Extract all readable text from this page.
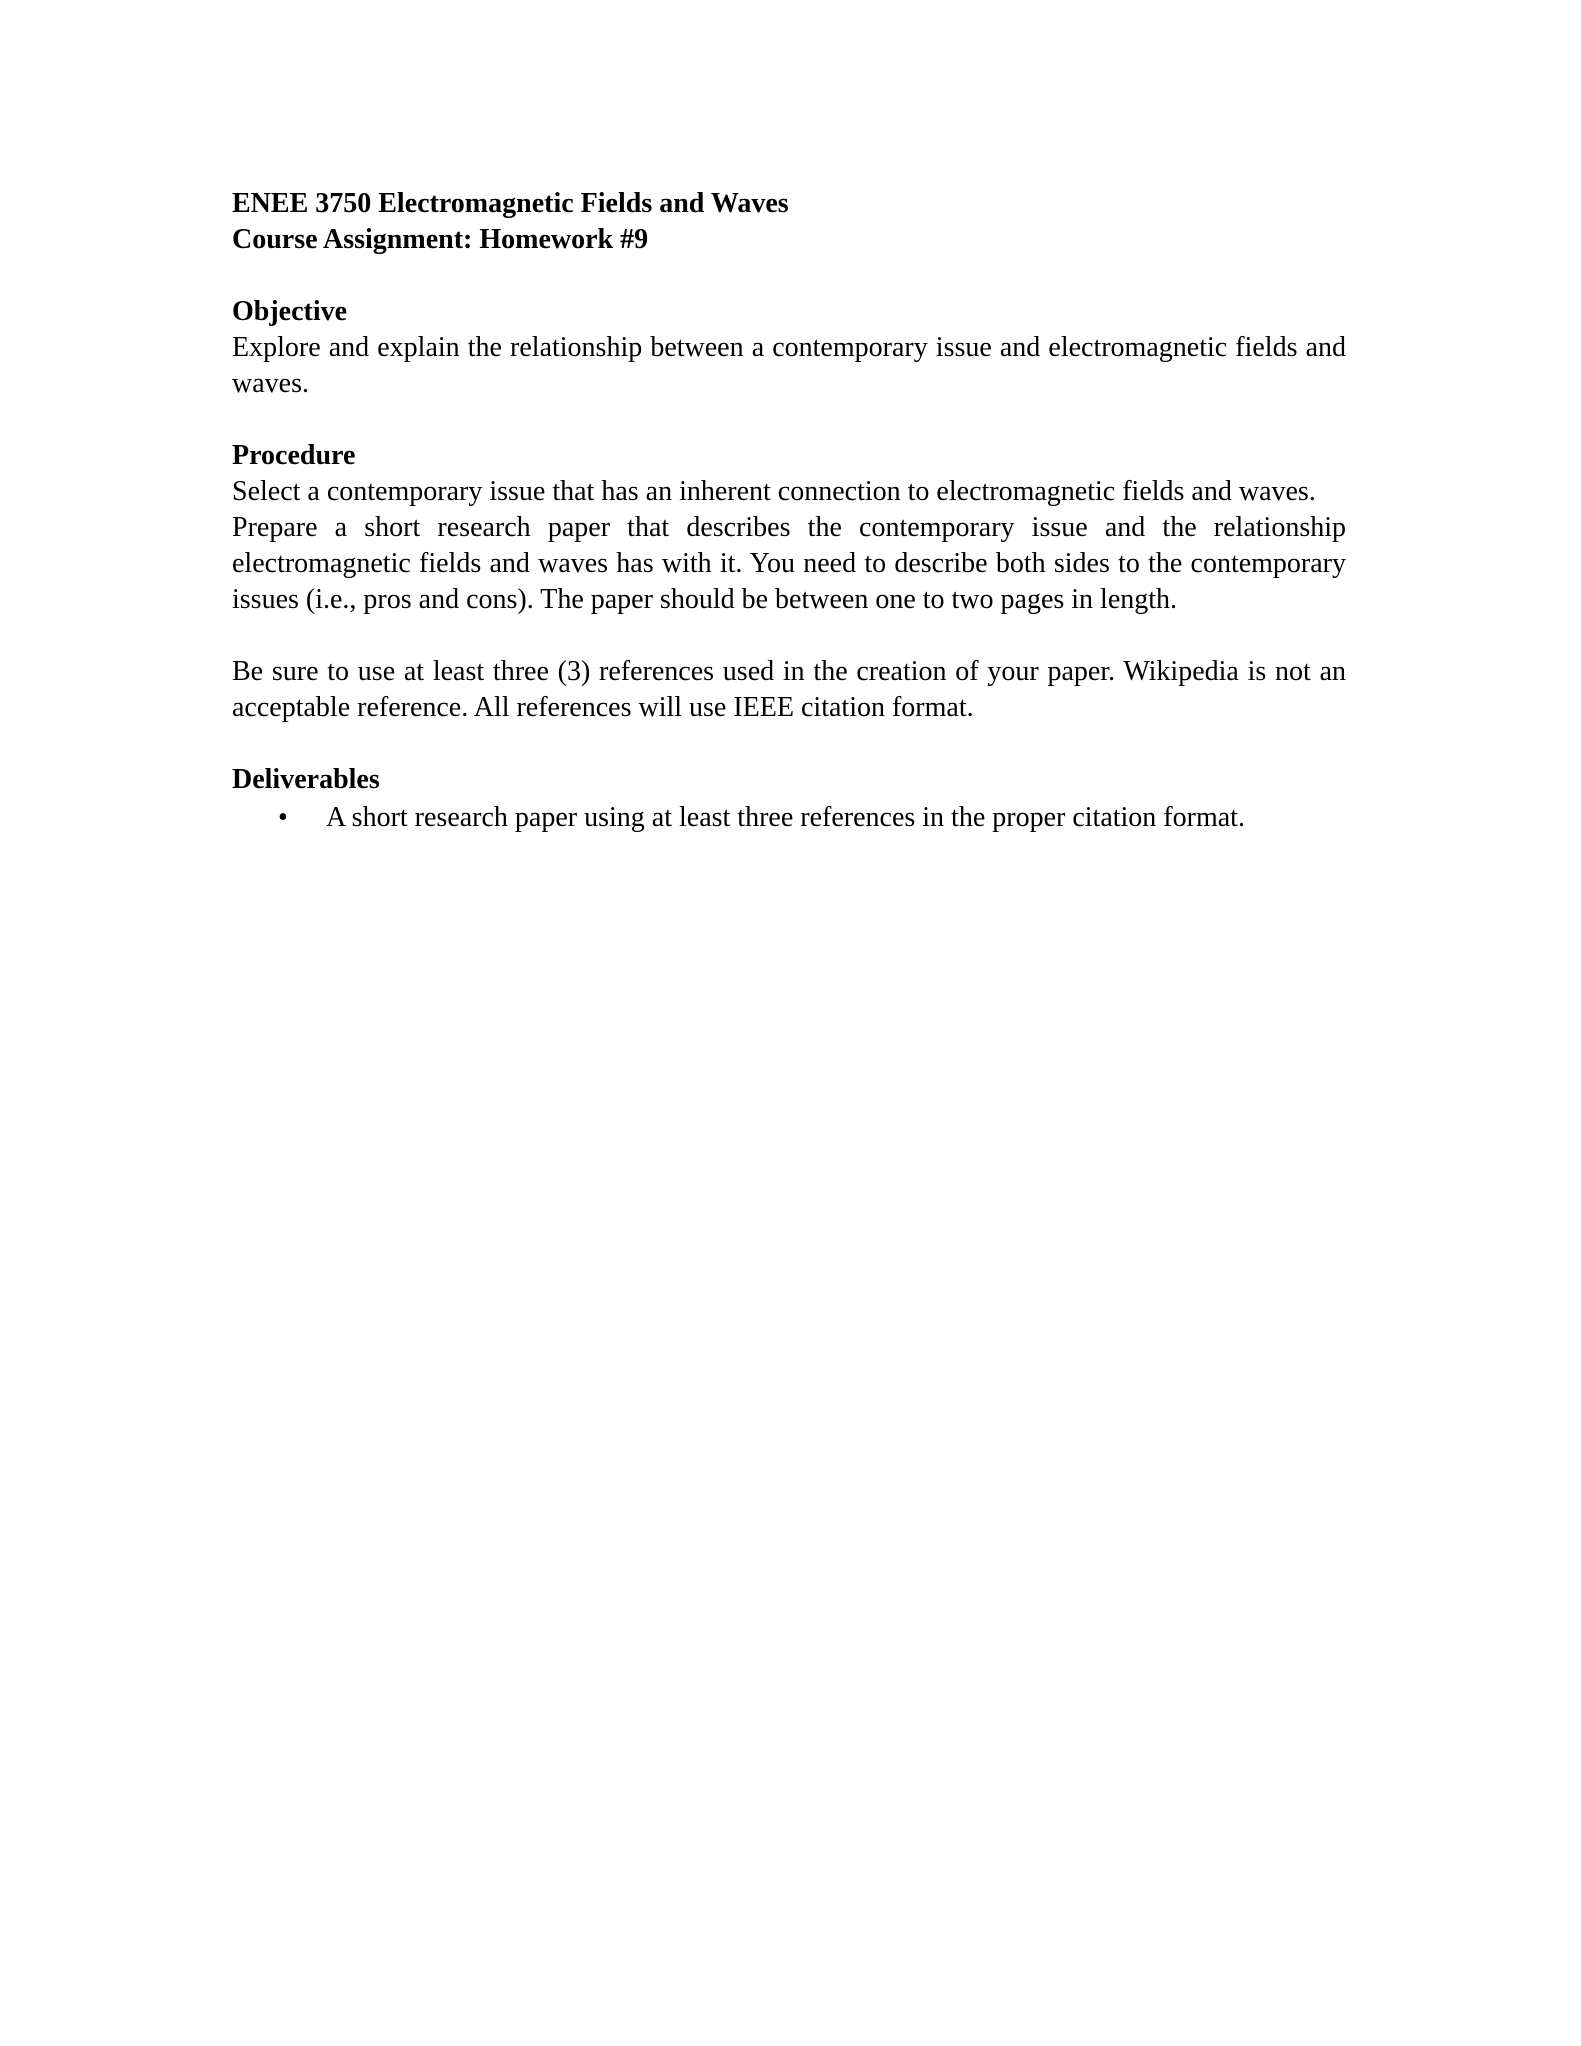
ENEE 3750 Electromagnetic Fields and Waves
Course Assignment: Homework #9
Objective

Explore and explain the relationship between a contemporary issue and electromagnetic fields and waves.

Procedure
Select a contemporary issue that has an inherent connection to electromagnetic fields and waves.

Prepare a short research paper that describes the contemporary issue and the relationship electromagnetic fields and waves has with it. You need to describe both sides to the contemporary issues (i.e., pros and cons). The paper should be between one to two pages in length.

Be sure to use at least three (3) references used in the creation of your paper. Wikipedia is not an acceptable reference. All references will use IEEE citation format.

Deliverables
• A short research paper using at least three references in the proper citation format.
